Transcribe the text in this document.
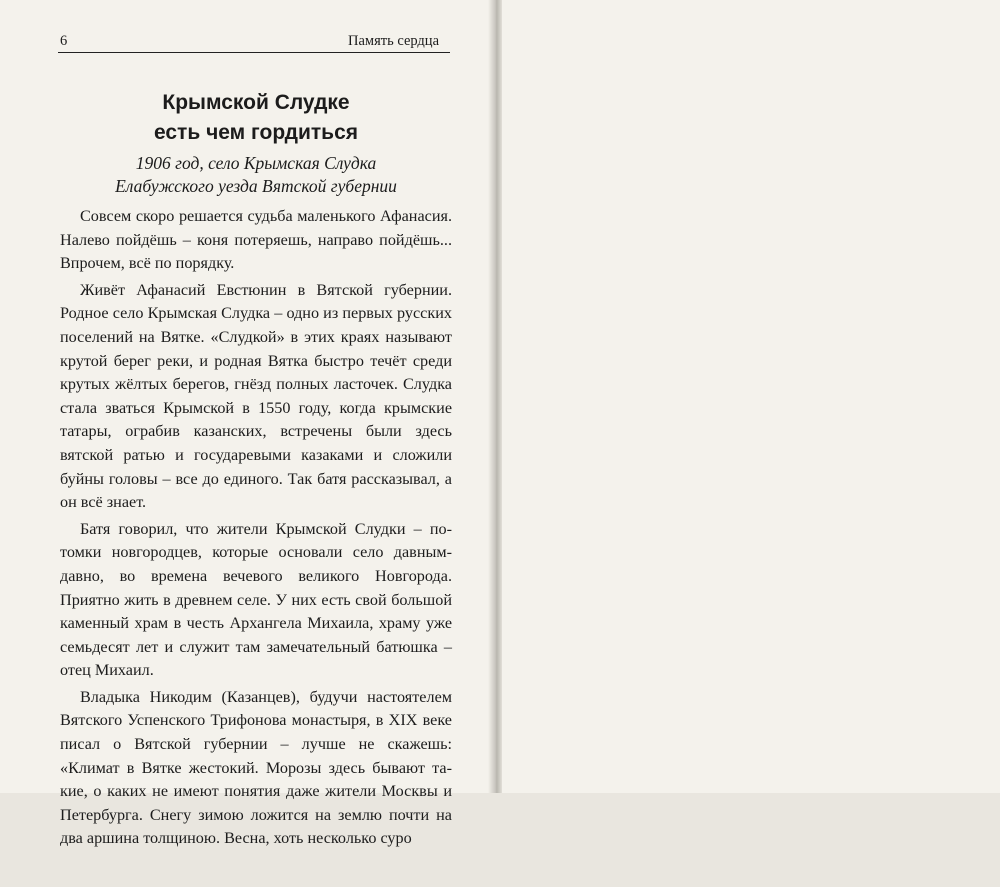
6	Память сердца
Крымской Слудке
есть чем гордиться
1906 год, село Крымская Слудка
Елабужского уезда Вятской губернии

Совсем скоро решается судьба маленького Афанасия. Налево пойдёшь – коня потеряешь, направо пойдёшь... Впрочем, всё по порядку.

Живёт Афанасий Евстюнин в Вятской губернии. Родное село Крымская Слудка – одно из первых русских поселений на Вятке. «Слудкой» в этих краях называют крутой берег реки, и родная Вятка быстро течёт среди крутых жёлтых берегов, гнёзд полных ласточек. Слудка стала зваться Крымской в 1550 году, когда крымские татары, ограбив казанских, встречены были здесь вятской ратью и государевыми казаками и сложили буйны головы – все до единого. Так батя рассказывал, а он всё знает.

Батя говорил, что жители Крымской Слудки – потомки новгородцев, которые основали село давным-давно, во времена вечевого великого Новгорода. Приятно жить в древнем селе. У них есть свой большой каменный храм в честь Архангела Михаила, храму уже семьдесят лет и служит там замечательный батюшка – отец Михаил.

Владыка Никодим (Казанцев), будучи настоятелем Вятского Успенского Трифонова монастыря, в XIX веке писал о Вятской губернии – лучше не скажешь: «Климат в Вятке жестокий. Морозы здесь бывают такие, о каких не имеют понятия даже жители Москвы и Петербурга. Снегу зимою ложится на землю почти на два аршина толщиною. Весна, хоть несколько суро
